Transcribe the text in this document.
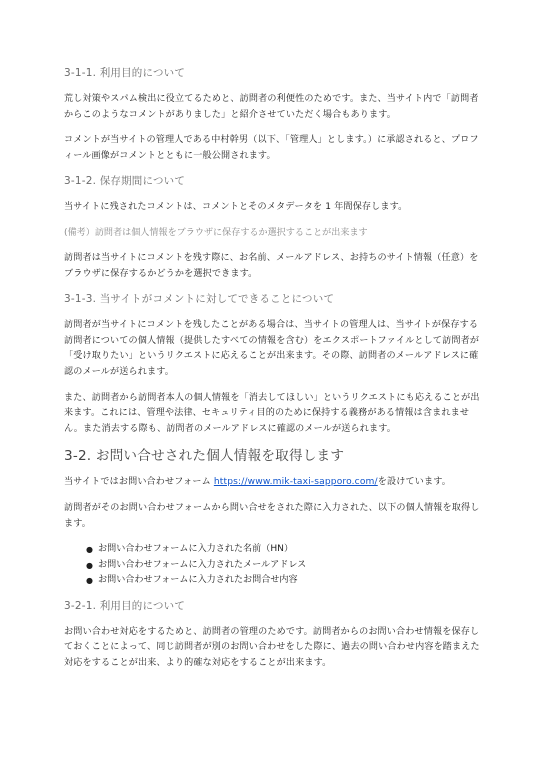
3-1-1. 利用目的について
荒し対策やスパム検出に役立てるためと、訪問者の利便性のためです。また、当サイト内で「訪問者からこのようなコメントがありました」と紹介させていただく場合もあります。
コメントが当サイトの管理人である中村幹男（以下、「管理人」とします。）に承認されると、プロフィール画像がコメントとともに一般公開されます。
3-1-2. 保存期間について
当サイトに残されたコメントは、コメントとそのメタデータを 1 年間保存します。
(備考）訪問者は個人情報をブラウザに保存するか選択することが出来ます
訪問者は当サイトにコメントを残す際に、お名前、メールアドレス、お持ちのサイト情報（任意）をブラウザに保存するかどうかを選択できます。
3-1-3. 当サイトがコメントに対してできることについて
訪問者が当サイトにコメントを残したことがある場合は、当サイトの管理人は、当サイトが保存する訪問者についての個人情報（提供したすべての情報を含む）をエクスポートファイルとして訪問者が「受け取りたい」というリクエストに応えることが出来ます。その際、訪問者のメールアドレスに確認のメールが送られます。
また、訪問者から訪問者本人の個人情報を「消去してほしい」というリクエストにも応えることが出来ます。これには、管理や法律、セキュリティ目的のために保持する義務がある情報は含まれません。また消去する際も、訪問者のメールアドレスに確認のメールが送られます。
3-2. お問い合せされた個人情報を取得します
当サイトではお問い合わせフォーム https://www.mik-taxi-sapporo.com/を設けています。
訪問者がそのお問い合わせフォームから問い合せをされた際に入力された、以下の個人情報を取得します。
● お問い合わせフォームに入力された名前（HN）
● お問い合わせフォームに入力されたメールアドレス
● お問い合わせフォームに入力されたお問合せ内容
3-2-1. 利用目的について
お問い合わせ対応をするためと、訪問者の管理のためです。訪問者からのお問い合わせ情報を保存しておくことによって、同じ訪問者が別のお問い合わせをした際に、過去の問い合わせ内容を踏まえた対応をすることが出来、より的確な対応をすることが出来ます。
